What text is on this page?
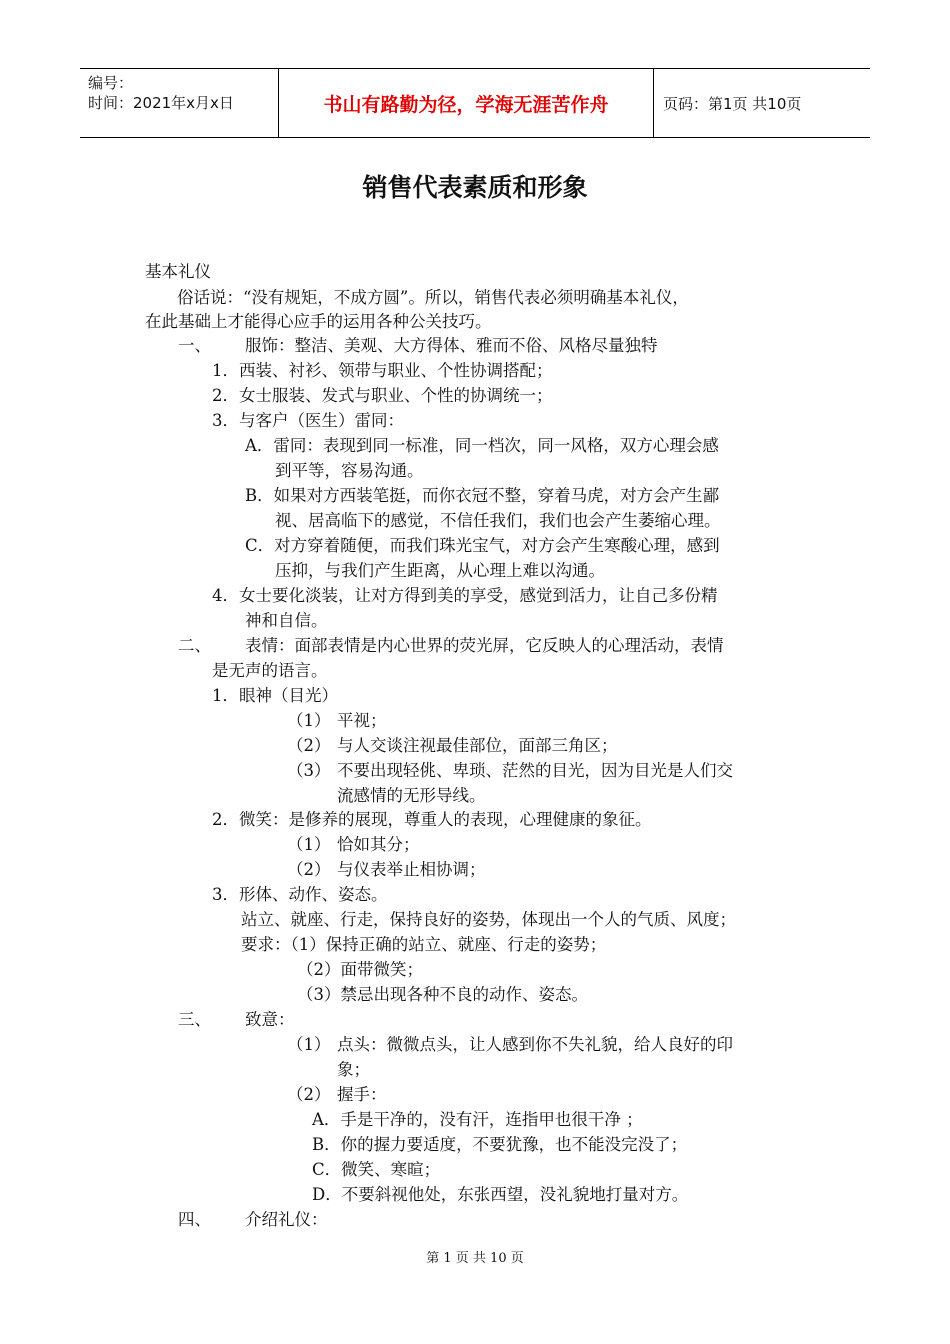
编号：
时间：2021年x月x日	书山有路勤为径，学海无涯苦作舟	页码：第1页 共10页
销售代表素质和形象
基本礼仪
俗话说：“没有规矩，不成方圆”。所以，销售代表必须明确基本礼仪，
在此基础上才能得心应手的运用各种公关技巧。
一、 服饰：整洁、美观、大方得体、雅而不俗、风格尽量独特
1．西装、衬衫、领带与职业、个性协调搭配；
2．女士服装、发式与职业、个性的协调统一；
3．与客户（医生）雷同：
A．雷同：表现到同一标准，同一档次，同一风格，双方心理会感
到平等，容易沟通。
B．如果对方西装笔挺，而你衣冠不整，穿着马虎，对方会产生鄙
视、居高临下的感觉，不信任我们，我们也会产生萎缩心理。
C．对方穿着随便，而我们珠光宝气，对方会产生寒酸心理，感到
压抑，与我们产生距离，从心理上难以沟通。
4．女士要化淡装，让对方得到美的享受，感觉到活力，让自己多份精
神和自信。
二、 表情：面部表情是内心世界的荧光屏，它反映人的心理活动，表情
是无声的语言。
1．眼神（目光）
（1） 平视；
（2） 与人交谈注视最佳部位，面部三角区；
（3） 不要出现轻佻、卑琐、茫然的目光，因为目光是人们交
流感情的无形导线。
2．微笑：是修养的展现，尊重人的表现，心理健康的象征。
（1） 恰如其分；
（2） 与仪表举止相协调；
3．形体、动作、姿态。
站立、就座、行走，保持良好的姿势，体现出一个人的气质、风度；
要求：（1）保持正确的站立、就座、行走的姿势；
（2）面带微笑；
（3）禁忌出现各种不良的动作、姿态。
三、 致意：
（1） 点头：微微点头，让人感到你不失礼貌，给人良好的印
象；
（2） 握手：
A．手是干净的，没有汗，连指甲也很干净 ；
B．你的握力要适度，不要犹豫，也不能没完没了；
C．微笑、寒暄；
D．不要斜视他处，东张西望，没礼貌地打量对方。
四、 介绍礼仪：
第 1 页 共 10 页
